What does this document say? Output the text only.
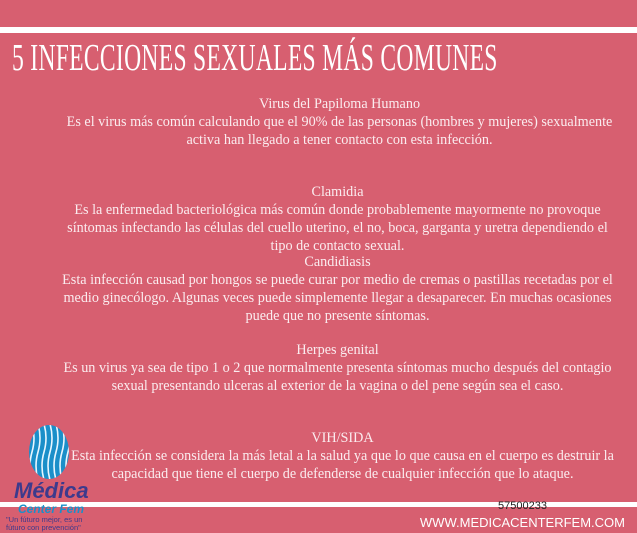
5 INFECCIONES SEXUALES MÁS COMUNES
Virus del Papiloma Humano
Es el virus más común calculando que el 90% de las personas (hombres y mujeres) sexualmente activa han llegado a tener contacto con esta infección.
Clamidia
Es la enfermedad bacteriológica más común donde probablemente mayormente no provoque síntomas infectando las células del cuello uterino, el no, boca, garganta y uretra dependiendo el tipo de contacto sexual.
Candidiasis
Esta infección causad por hongos se puede curar por medio de cremas o pastillas recetadas por el medio ginecólogo. Algunas veces puede simplemente llegar a desaparecer. En muchas ocasiones puede que no presente síntomas.
Herpes genital
Es un virus ya sea de tipo 1 o 2 que normalmente presenta síntomas mucho después del contagio sexual presentando ulceras al exterior de la vagina o del pene según sea el caso.
VIH/SIDA
Esta infección se considera la más letal a la salud ya que lo que causa en el cuerpo es destruir la capacidad que tiene el cuerpo de defenderse de cualquier infección que lo ataque.
Médica
Center Fem
"Un fúturo mejor, es un fúturo con prevención"
57500233
WWW.MEDICACENTERFEM.COM
